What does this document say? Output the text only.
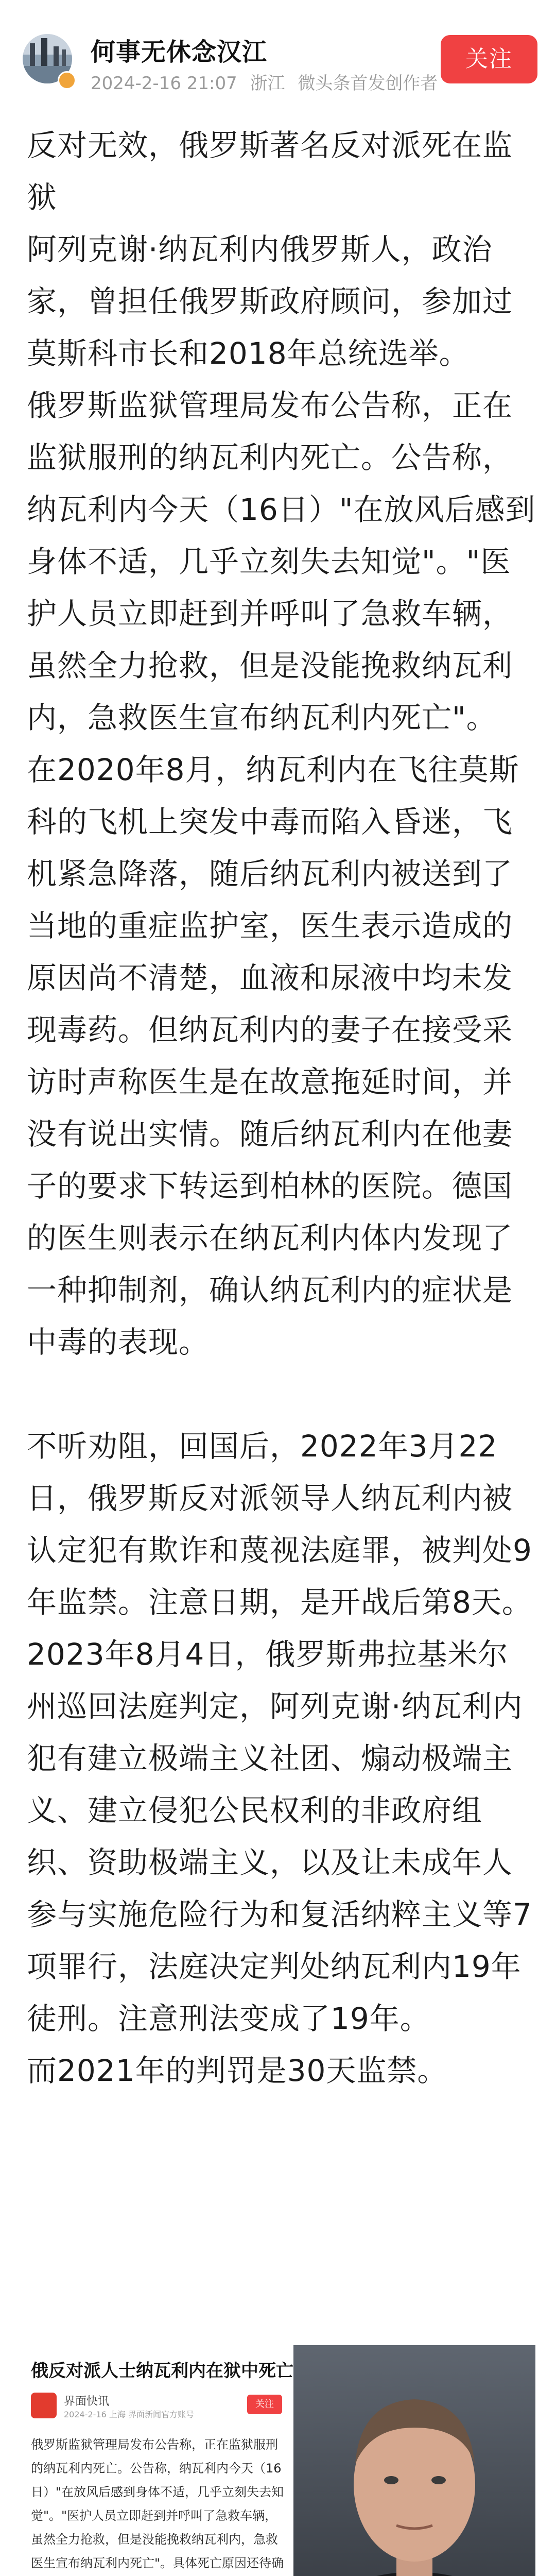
何事无休念汉江
2024-2-16 21:07 浙江 微头条首发创作者
关注

反对无效，俄罗斯著名反对派死在监狱

阿列克谢·纳瓦利内俄罗斯人，政治家，曾担任俄罗斯政府顾问，参加过莫斯科市长和2018年总统选举。

俄罗斯监狱管理局发布公告称，正在监狱服刑的纳瓦利内死亡。公告称，纳瓦利内今天（16日）"在放风后感到身体不适，几乎立刻失去知觉"。"医护人员立即赶到并呼叫了急救车辆，虽然全力抢救，但是没能挽救纳瓦利内，急救医生宣布纳瓦利内死亡"。

在2020年8月，纳瓦利内在飞往莫斯科的飞机上突发中毒而陷入昏迷，飞机紧急降落，随后纳瓦利内被送到了当地的重症监护室，医生表示造成的原因尚不清楚，血液和尿液中均未发现毒药。但纳瓦利内的妻子在接受采访时声称医生是在故意拖延时间，并没有说出实情。随后纳瓦利内在他妻子的要求下转运到柏林的医院。德国的医生则表示在纳瓦利内体内发现了一种抑制剂，确认纳瓦利内的症状是中毒的表现。

不听劝阻，回国后，2022年3月22日，俄罗斯反对派领导人纳瓦利内被认定犯有欺诈和蔑视法庭罪，被判处9年监禁。注意日期，是开战后第8天。

2023年8月4日，俄罗斯弗拉基米尔州巡回法庭判定，阿列克谢·纳瓦利内犯有建立极端主义社团、煽动极端主义、建立侵犯公民权利的非政府组织、资助极端主义，以及让未成年人参与实施危险行为和复活纳粹主义等7项罪行，法庭决定判处纳瓦利内19年徒刑。注意刑法变成了19年。

而2021年的判罚是30天监禁。

俄反对派人士纳瓦利内在狱中死亡
界面快讯
2024-2-16 上海 界面新闻官方账号
关注
俄罗斯监狱管理局发布公告称，正在监狱服刑的纳瓦利内死亡。公告称，纳瓦利内今天（16日）"在放风后感到身体不适，几乎立刻失去知觉"。"医护人员立即赶到并呼叫了急救车辆，虽然全力抢救，但是没能挽救纳瓦利内，急救医生宣布纳瓦利内死亡"。具体死亡原因还待确
